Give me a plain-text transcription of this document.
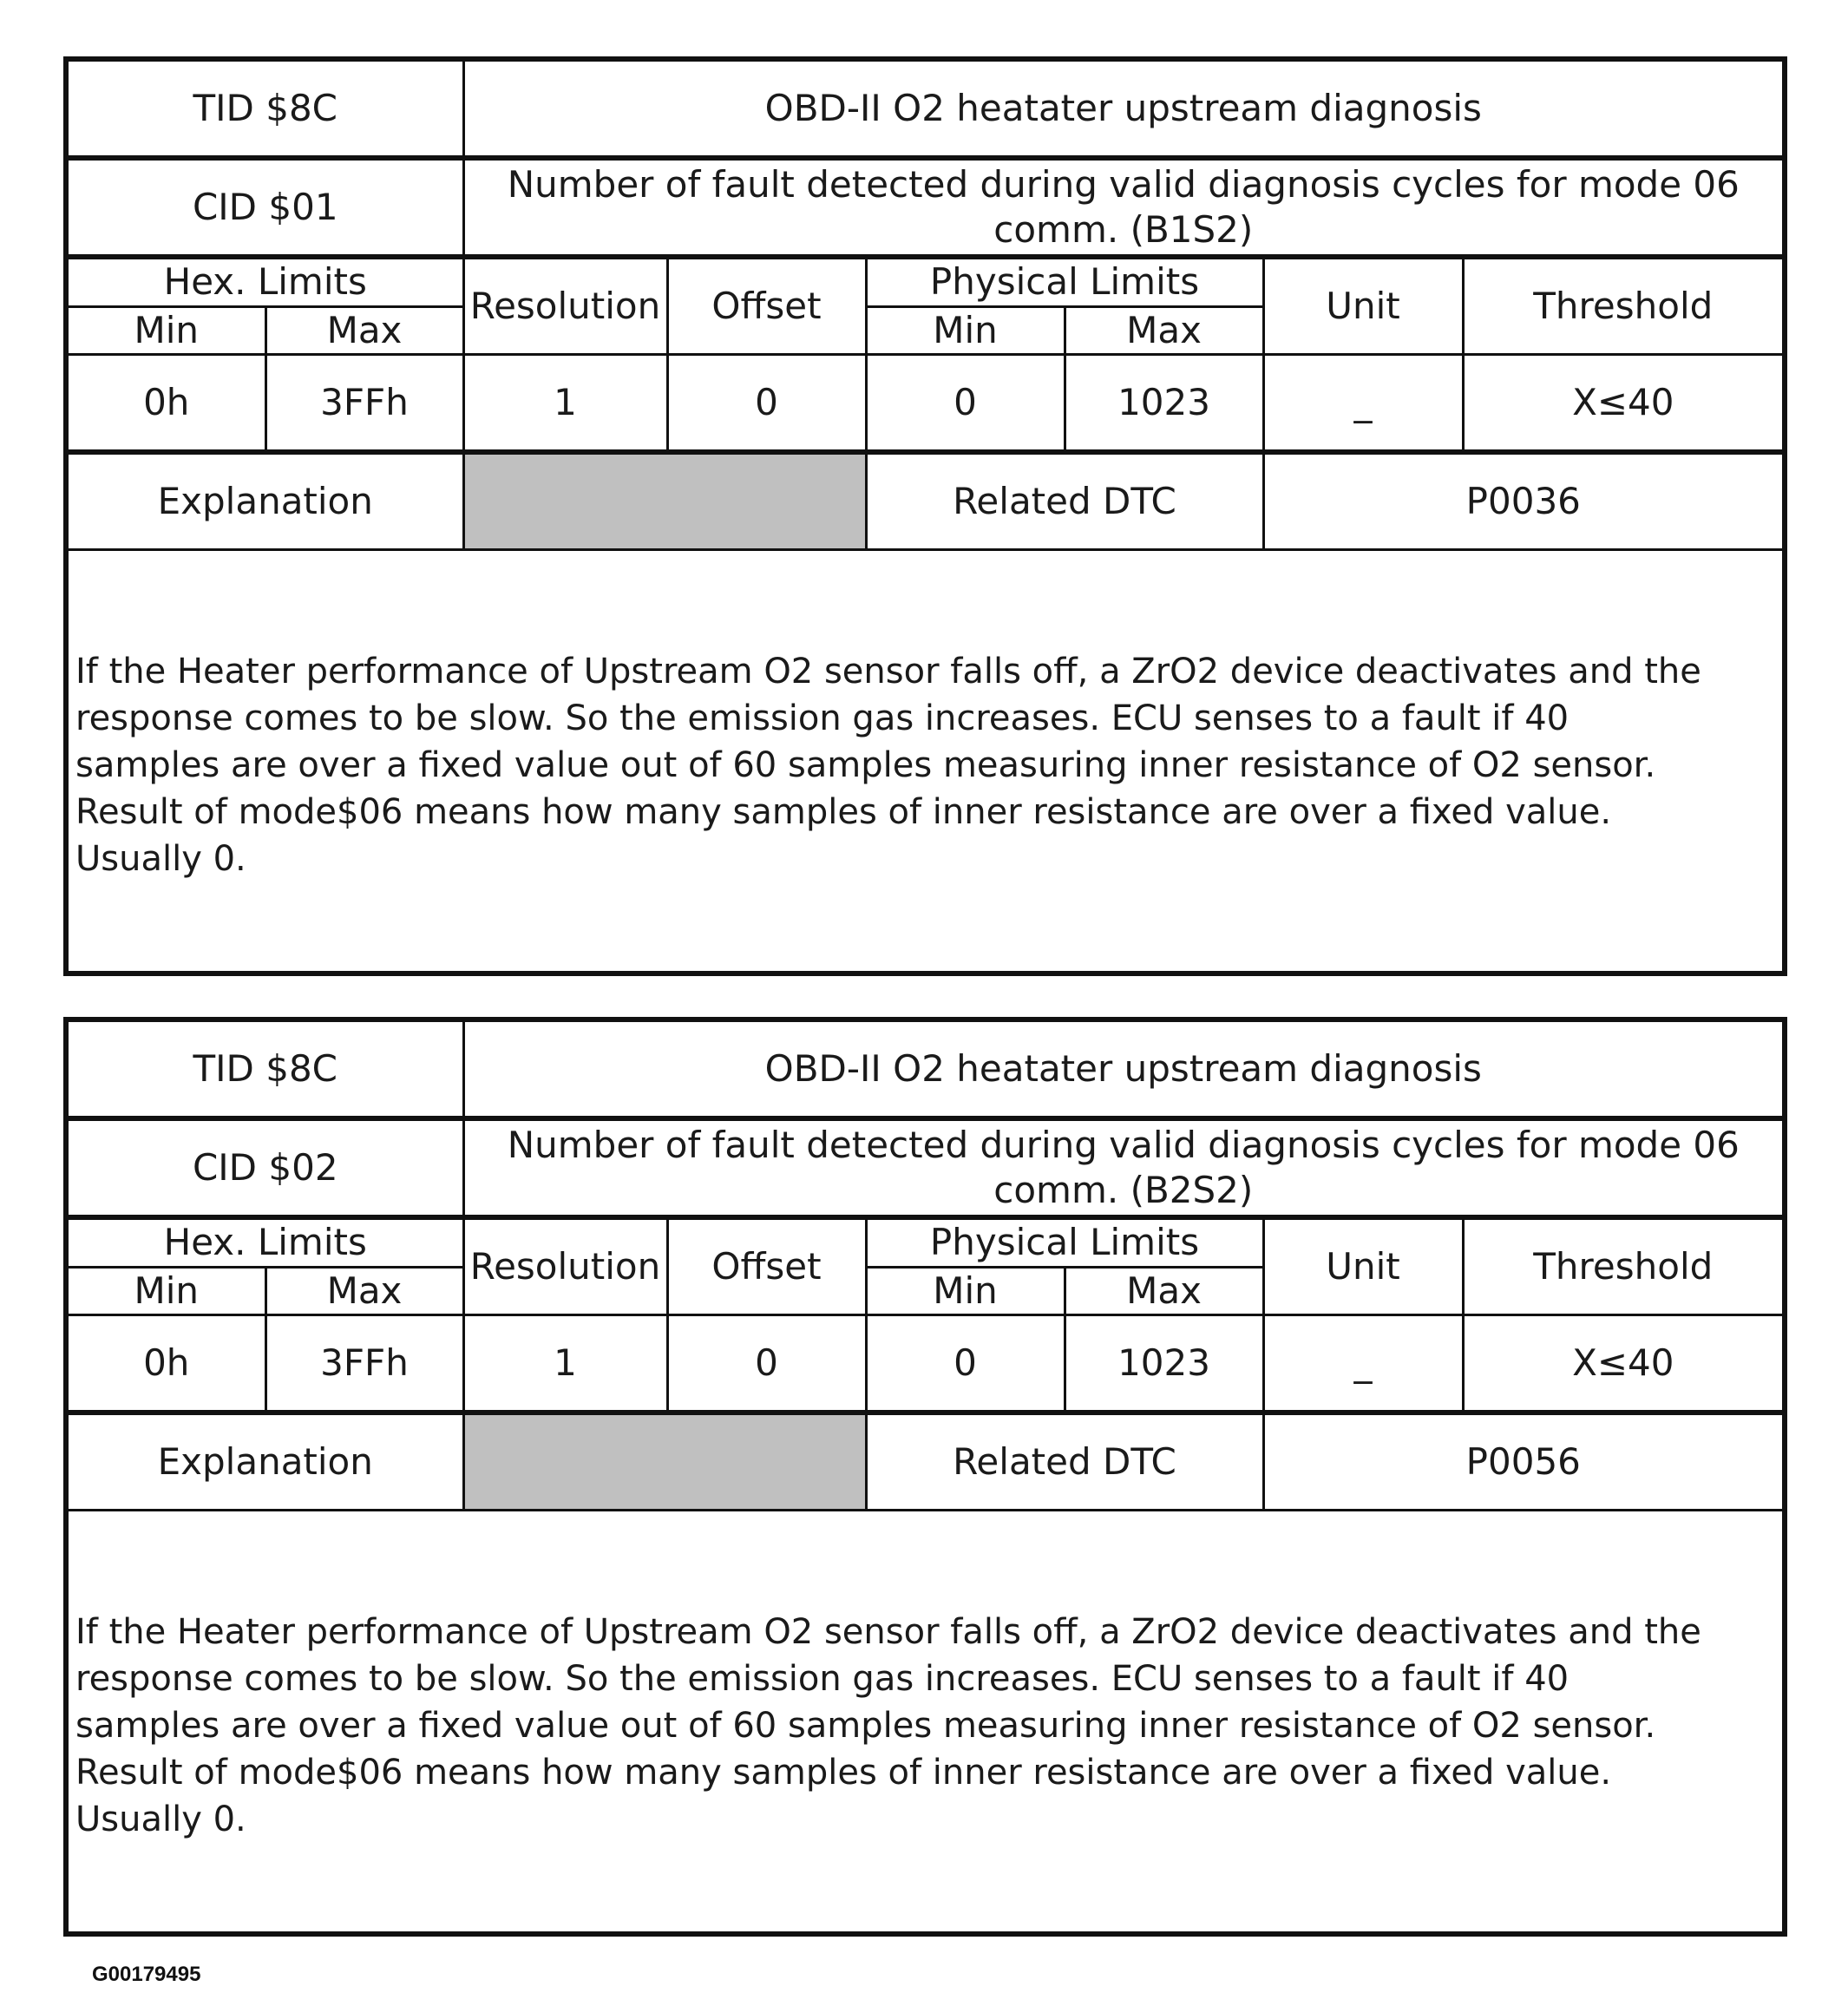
TID $8C		OBD-II O2 heatater upstream diagnosis					
CID $01		Number of fault detected during valid diagnosis cycles for mode 06 comm. (B1S2)					
Hex. Limits		Resolution	Offset	Physical Limits		Unit	Threshold
Min	Max			Min	Max		
0h	3FFh	1	0	0	1023	_	X≤40
Explanation				Related DTC		P0036	

If the Heater performance of Upstream O2 sensor falls off, a ZrO2 device deactivates and the
response comes to be slow. So the emission gas increases. ECU senses to a fault if 40
samples are over a fixed value out of 60 samples measuring inner resistance of O2 sensor.
Result of mode$06 means how many samples of inner resistance are over a fixed value.
Usually 0.							
TID $8C		OBD-II O2 heatater upstream diagnosis					
CID $02		Number of fault detected during valid diagnosis cycles for mode 06 comm. (B2S2)					
Hex. Limits		Resolution	Offset	Physical Limits		Unit	Threshold
Min	Max			Min	Max		
0h	3FFh	1	0	0	1023	_	X≤40
Explanation				Related DTC		P0056	

If the Heater performance of Upstream O2 sensor falls off, a ZrO2 device deactivates and the
response comes to be slow. So the emission gas increases. ECU senses to a fault if 40
samples are over a fixed value out of 60 samples measuring inner resistance of O2 sensor.
Result of mode$06 means how many samples of inner resistance are over a fixed value.
Usually 0.							
G00179495
